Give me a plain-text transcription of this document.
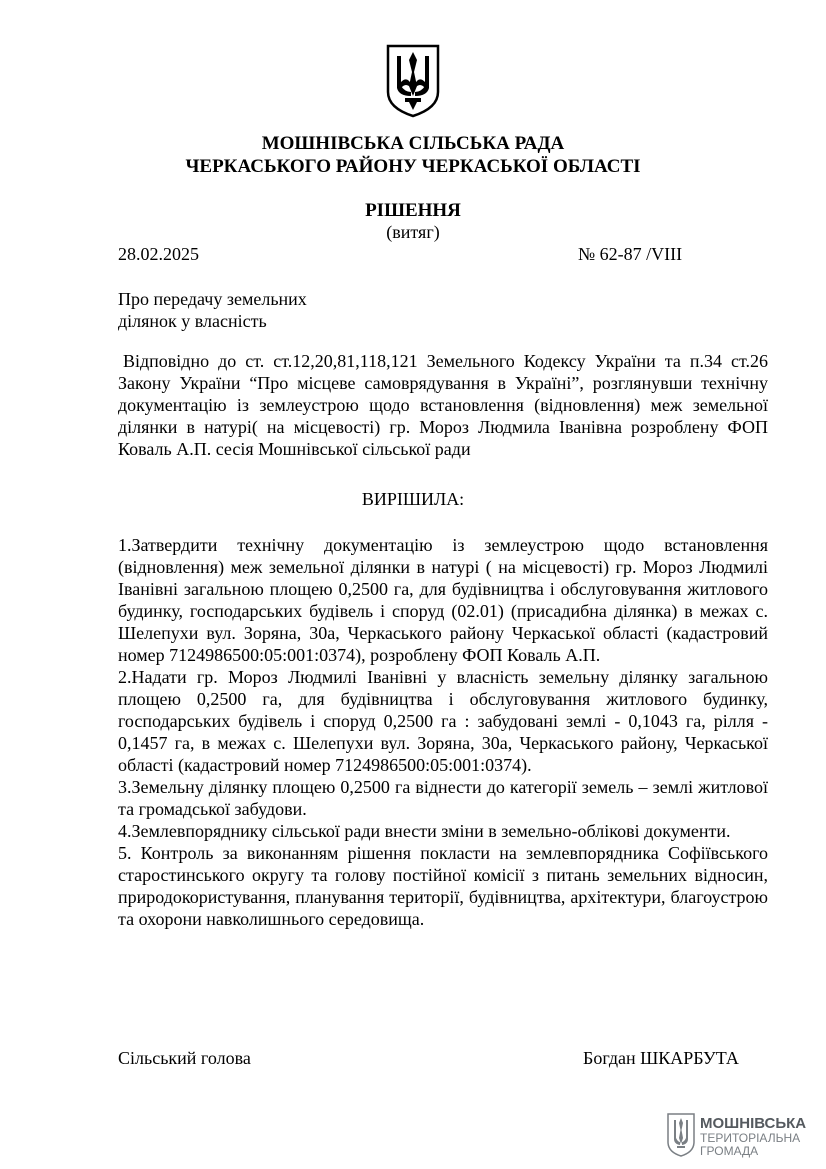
МОШНІВСЬКА СІЛЬСЬКА РАДА
ЧЕРКАСЬКОГО РАЙОНУ ЧЕРКАСЬКОЇ ОБЛАСТІ
РІШЕННЯ
(витяг)
28.02.2025	№ 62-87 /VIII
Про передачу земельних
ділянок у власність
Відповідно до ст. ст.12,20,81,118,121 Земельного Кодексу України та п.34 ст.26 Закону України “Про місцеве самоврядування в Україні”, розглянувши технічну документацію із землеустрою щодо встановлення (відновлення) меж земельної ділянки в натурі( на місцевості) гр. Мороз Людмила Іванівна розроблену ФОП Коваль А.П. сесія Мошнівської сільської ради
ВИРІШИЛА:

1.Затвердити технічну документацію із землеустрою щодо встановлення (відновлення) меж земельної ділянки в натурі ( на місцевості) гр. Мороз Людмилі Іванівні загальною площею 0,2500 га, для будівництва і обслуговування житлового будинку, господарських будівель і споруд (02.01) (присадибна ділянка) в межах с. Шелепухи вул. Зоряна, 30а, Черкаського району Черкаської області (кадастровий номер 7124986500:05:001:0374), розроблену ФОП Коваль А.П.

2.Надати гр. Мороз Людмилі Іванівні у власність земельну ділянку загальною площею 0,2500 га, для будівництва і обслуговування житлового будинку, господарських будівель і споруд 0,2500 га : забудовані землі - 0,1043 га, рілля - 0,1457 га, в межах с. Шелепухи вул. Зоряна, 30а, Черкаського району, Черкаської області (кадастровий номер 7124986500:05:001:0374).

3.Земельну ділянку площею 0,2500 га віднести до категорії земель – землі житлової та громадської забудови.

4.Землевпоряднику сільської ради внести зміни в земельно-облікові документи.

5. Контроль за виконанням рішення покласти на землевпорядника Софіївського старостинського округу та голову постійної комісії з питань земельних відносин, природокористування, планування території, будівництва, архітектури, благоустрою та охорони навколишнього середовища.

Сільський голова	Богдан ШКАРБУТА
МОШНІВСЬКА
ТЕРИТОРІАЛЬНА
ГРОМАДА
